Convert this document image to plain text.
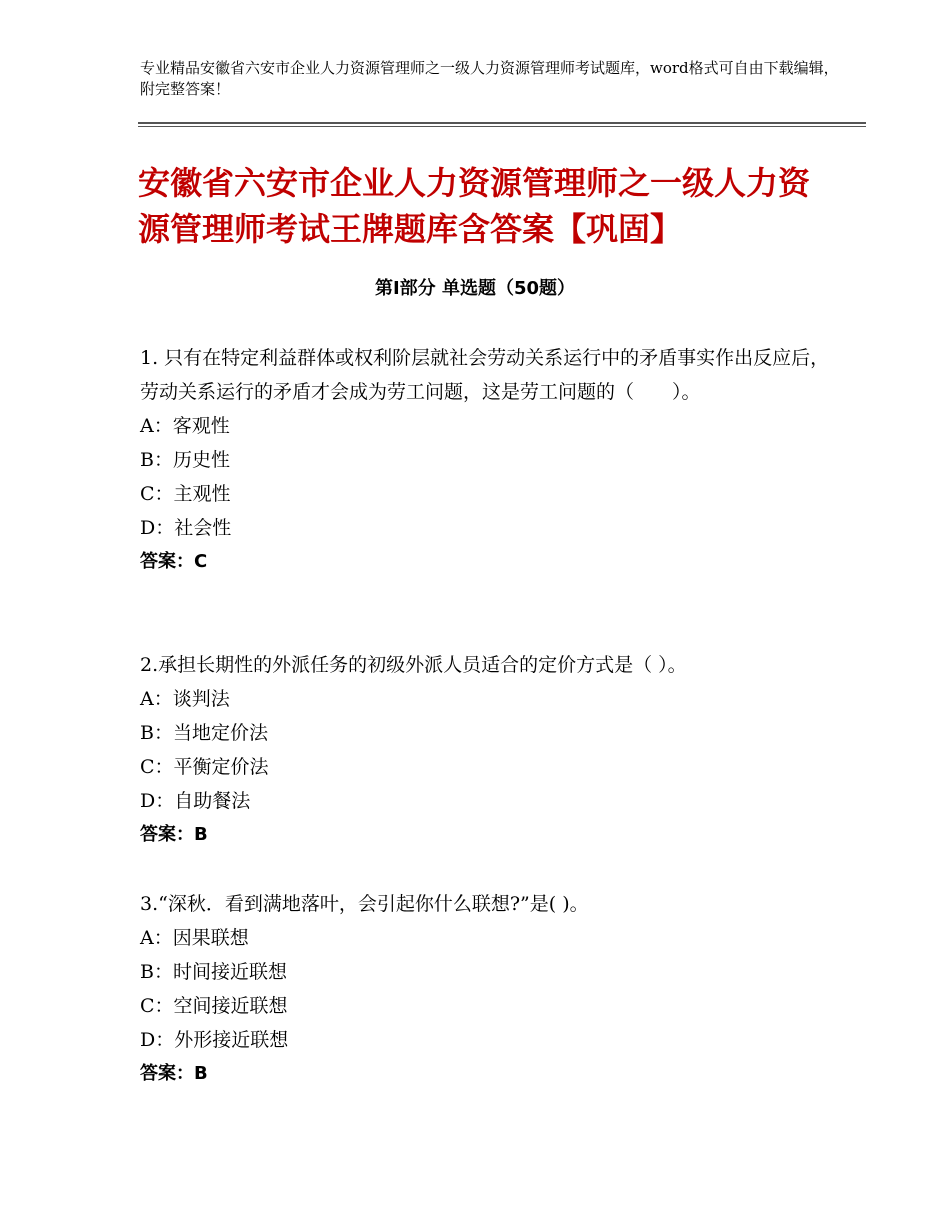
专业精品安徽省六安市企业人力资源管理师之一级人力资源管理师考试题库，word格式可自由下载编辑，附完整答案！
安徽省六安市企业人力资源管理师之一级人力资源管理师考试王牌题库含答案【巩固】
第Ⅰ部分 单选题（50题）
1. 只有在特定利益群体或权利阶层就社会劳动关系运行中的矛盾事实作出反应后，劳动关系运行的矛盾才会成为劳工问题，这是劳工问题的（　　）。
A：客观性
B：历史性
C：主观性
D：社会性
答案：C
2.承担长期性的外派任务的初级外派人员适合的定价方式是（ ）。
A：谈判法
B：当地定价法
C：平衡定价法
D：自助餐法
答案：B
3.“深秋．看到满地落叶，会引起你什么联想?”是( )。
A：因果联想
B：时间接近联想
C：空间接近联想
D：外形接近联想
答案：B
